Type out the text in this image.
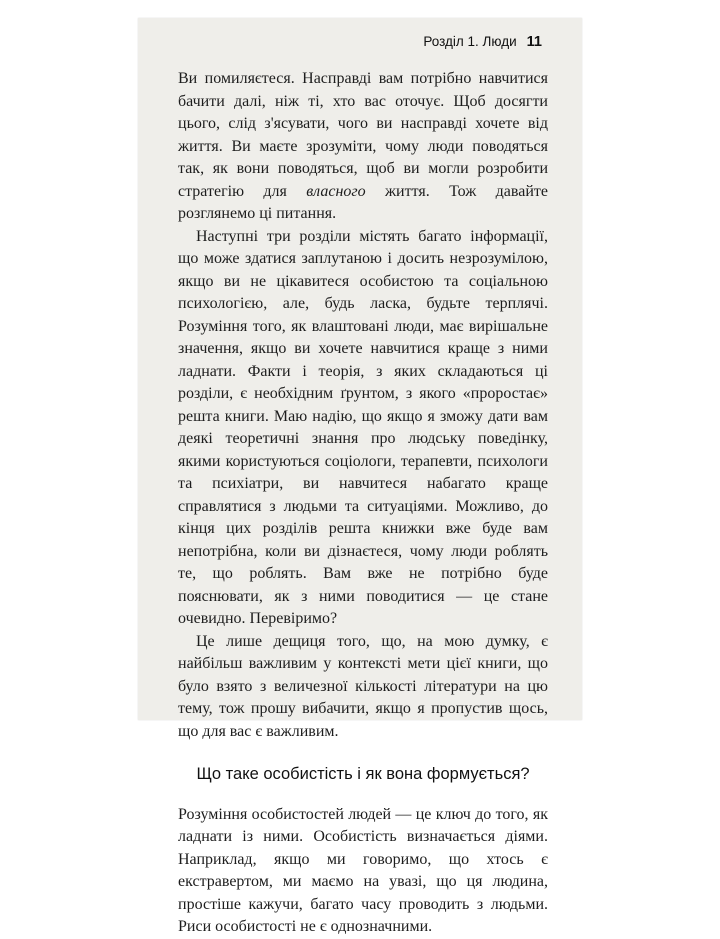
Розділ 1. Люди 11

Ви помиляєтеся. Насправді вам потрібно навчитися бачити далі, ніж ті, хто вас оточує. Щоб досягти цього, слід з'ясувати, чого ви насправді хочете від життя. Ви маєте зрозуміти, чому люди поводяться так, як вони поводяться, щоб ви могли розробити стратегію для власного життя. Тож давайте розглянемо ці питання.

Наступні три розділи містять багато інформації, що може здатися заплутаною і досить незрозумілою, якщо ви не цікавитеся особистою та соціальною психологією, але, будь ласка, будьте терплячі. Розуміння того, як влаштовані люди, має вирішальне значення, якщо ви хочете навчитися краще з ними ладнати. Факти і теорія, з яких складаються ці розділи, є необхідним ґрунтом, з якого «проростає» решта книги. Маю надію, що якщо я зможу дати вам деякі теоретичні знання про людську поведінку, якими користуються соціологи, терапевти, психологи та психіатри, ви навчитеся набагато краще справлятися з людьми та ситуаціями. Можливо, до кінця цих розділів решта книжки вже буде вам непотрібна, коли ви дізнаєтеся, чому люди роблять те, що роблять. Вам вже не потрібно буде пояснювати, як з ними поводитися — це стане очевидно. Перевіримо?

Це лише дещиця того, що, на мою думку, є найбільш важливим у контексті мети цієї книги, що було взято з величезної кількості літератури на цю тему, тож прошу вибачити, якщо я пропустив щось, що для вас є важливим.

Що таке особистість і як вона формується?

Розуміння особистостей людей — це ключ до того, як ладнати із ними. Особистість визначається діями. Наприклад, якщо ми говоримо, що хтось є екстравертом, ми маємо на увазі, що ця людина, простіше кажучи, багато часу проводить з людьми. Риси особистості не є однозначними.
